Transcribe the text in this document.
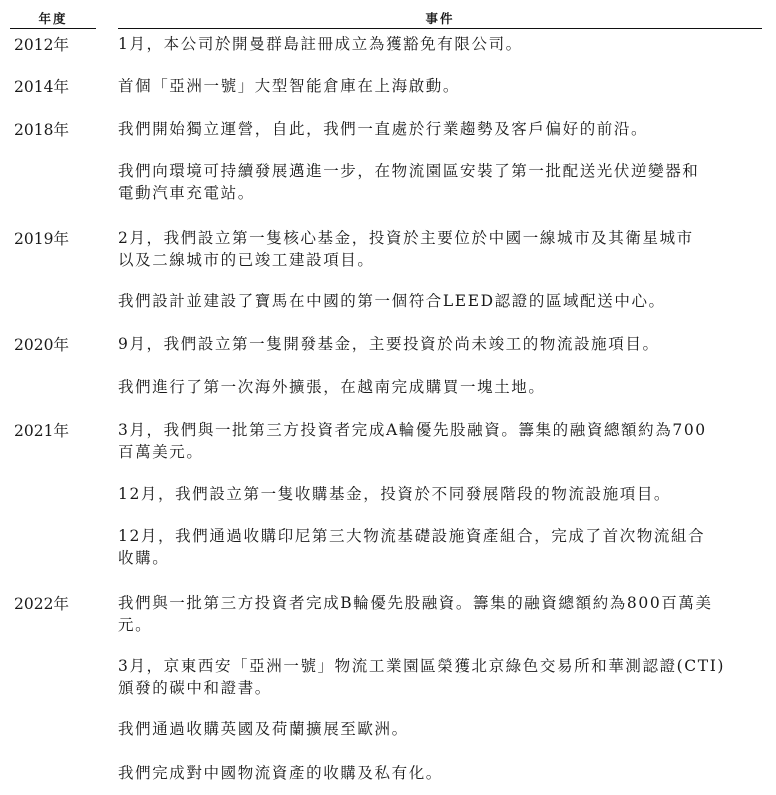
年度	事件
2012年	1月，本公司於開曼群島註冊成立為獲豁免有限公司。
2014年	首個「亞洲一號」大型智能倉庫在上海啟動。
2018年	我們開始獨立運營，自此，我們一直處於行業趨勢及客戶偏好的前沿。
我們向環境可持續發展邁進一步，在物流園區安裝了第一批配送光伏逆變器和
電動汽車充電站。
2019年	2月，我們設立第一隻核心基金，投資於主要位於中國一線城市及其衛星城市
以及二線城市的已竣工建設項目。
我們設計並建設了寶馬在中國的第一個符合LEED認證的區域配送中心。
2020年	9月，我們設立第一隻開發基金，主要投資於尚未竣工的物流設施項目。
我們進行了第一次海外擴張，在越南完成購買一塊土地。
2021年	3月，我們與一批第三方投資者完成A輪優先股融資。籌集的融資總額約為700
百萬美元。
12月，我們設立第一隻收購基金，投資於不同發展階段的物流設施項目。
12月，我們通過收購印尼第三大物流基礎設施資產組合，完成了首次物流組合
收購。
2022年	我們與一批第三方投資者完成B輪優先股融資。籌集的融資總額約為800百萬美
元。
3月，京東西安「亞洲一號」物流工業園區榮獲北京綠色交易所和華測認證(CTI)
頒發的碳中和證書。
我們通過收購英國及荷蘭擴展至歐洲。
我們完成對中國物流資產的收購及私有化。
